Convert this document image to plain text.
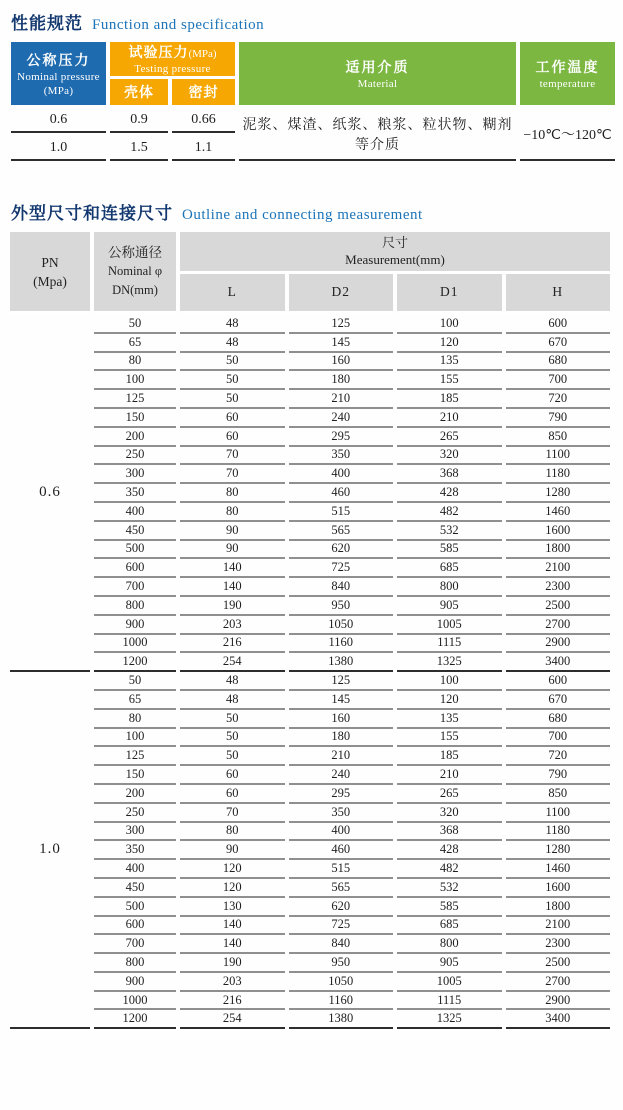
性能规范 Function and specification
公称压力
Nominal pressure
(MPa)	试验压力(MPa)
Testing pressure		适用介质
Material	工作温度
temperature

	壳体	密封		
0.6	0.9	0.66	泥浆、煤渣、纸浆、粮浆、粒状物、糊剂等介质	−10℃～120℃
1.0	1.5	1.1		
外型尺寸和连接尺寸 Outline and connecting measurement
PN
(Mpa)

公称通径
Nominal φ
DN(mm)

尺寸
Measurement(mm)

		L	D2	D1	H
0.6	50	48	125	100	600
	65	48	145	120	670
	80	50	160	135	680
	100	50	180	155	700
	125	50	210	185	720
	150	60	240	210	790
	200	60	295	265	850
	250	70	350	320	1100
	300	70	400	368	1180
	350	80	460	428	1280
	400	80	515	482	1460
	450	90	565	532	1600
	500	90	620	585	1800
	600	140	725	685	2100
	700	140	840	800	2300
	800	190	950	905	2500
	900	203	1050	1005	2700
	1000	216	1160	1115	2900
	1200	254	1380	1325	3400
1.0	50	48	125	100	600
	65	48	145	120	670
	80	50	160	135	680
	100	50	180	155	700
	125	50	210	185	720
	150	60	240	210	790
	200	60	295	265	850
	250	70	350	320	1100
	300	80	400	368	1180
	350	90	460	428	1280
	400	120	515	482	1460
	450	120	565	532	1600
	500	130	620	585	1800
	600	140	725	685	2100
	700	140	840	800	2300
	800	190	950	905	2500
	900	203	1050	1005	2700
	1000	216	1160	1115	2900
	1200	254	1380	1325	3400
